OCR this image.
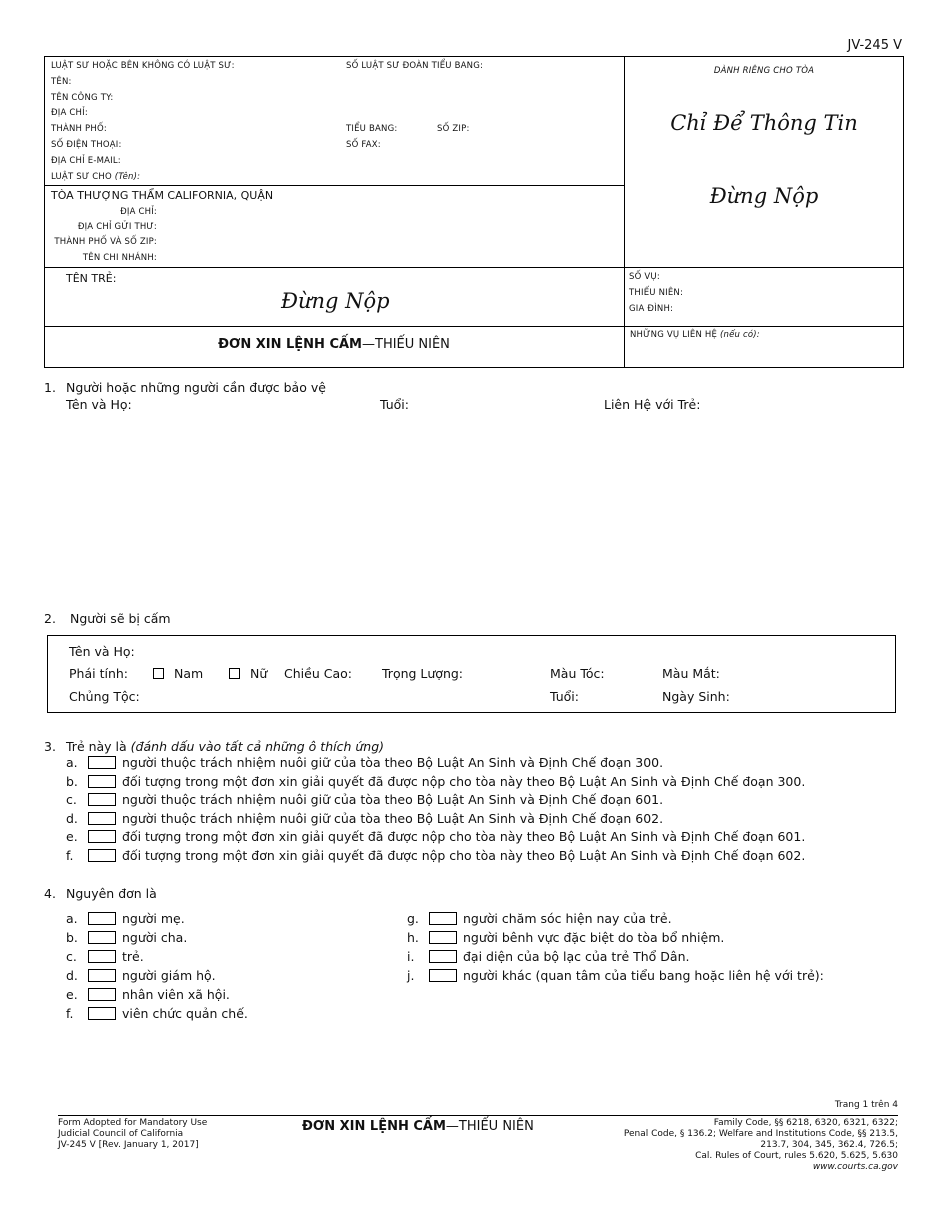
JV-245 V
LUẬT SƯ HOẶC BÊN KHÔNG CÓ LUẬT SƯ:	SỐ LUẬT SƯ ĐOÀN TIỂU BANG:
TÊN:
TÊN CÔNG TY:
ĐỊA CHỈ:
THÀNH PHỐ:	TIỂU BANG:	SỐ ZIP:
SỐ ĐIỆN THOẠI:	SỐ FAX:
ĐỊA CHỈ E-MAIL:
LUẬT SƯ CHO (Tên):
TÒA THƯỢNG THẨM CALIFORNIA, QUẬN
ĐỊA CHỈ:
ĐỊA CHỈ GỬI THƯ:
THÀNH PHỐ VÀ SỐ ZIP:
TÊN CHI NHÁNH:
DÀNH RIÊNG CHO TÒA
Chỉ Để Thông Tin
Đừng Nộp
TÊN TRẺ:
Đừng Nộp
SỐ VỤ:
THIẾU NIÊN:
GIA ĐÌNH:
ĐƠN XIN LỆNH CẤM—THIẾU NIÊN
NHỮNG VỤ LIÊN HỆ (nếu có):
1. Người hoặc những người cần được bảo vệ
Tên và Họ:	Tuổi:	Liên Hệ với Trẻ:
2. Người sẽ bị cấm
Tên và Họ:
Phái tính:	Nam	Nữ Chiều Cao: Trọng Lượng:	Màu Tóc:	Màu Mắt:
Chủng Tộc:	Tuổi:	Ngày Sinh:
3. Trẻ này là (đánh dấu vào tất cả những ô thích ứng)
a.	người thuộc trách nhiệm nuôi giữ của tòa theo Bộ Luật An Sinh và Định Chế đoạn 300.
b.	đối tượng trong một đơn xin giải quyết đã được nộp cho tòa này theo Bộ Luật An Sinh và Định Chế đoạn 300.
c.	người thuộc trách nhiệm nuôi giữ của tòa theo Bộ Luật An Sinh và Định Chế đoạn 601.
d.	người thuộc trách nhiệm nuôi giữ của tòa theo Bộ Luật An Sinh và Định Chế đoạn 602.
e.	đối tượng trong một đơn xin giải quyết đã được nộp cho tòa này theo Bộ Luật An Sinh và Định Chế đoạn 601.
f.	đối tượng trong một đơn xin giải quyết đã được nộp cho tòa này theo Bộ Luật An Sinh và Định Chế đoạn 602.
4. Nguyên đơn là
a.	người mẹ.
b.	người cha.
c.	trẻ.
d.	người giám hộ.
e.	nhân viên xã hội.
f.	viên chức quản chế.
g.	người chăm sóc hiện nay của trẻ.
h.	người bênh vực đặc biệt do tòa bổ nhiệm.
i.	đại diện của bộ lạc của trẻ Thổ Dân.
j.	người khác (quan tâm của tiểu bang hoặc liên hệ với trẻ):
Trang 1 trên 4
Form Adopted for Mandatory Use
Judicial Council of California
JV-245 V [Rev. January 1, 2017]
ĐƠN XIN LỆNH CẤM—THIẾU NIÊN	Family Code, §§ 6218, 6320, 6321, 6322;
Penal Code, § 136.2; Welfare and Institutions Code, §§ 213.5,
213.7, 304, 345, 362.4, 726.5;
Cal. Rules of Court, rules 5.620, 5.625, 5.630
www.courts.ca.gov
